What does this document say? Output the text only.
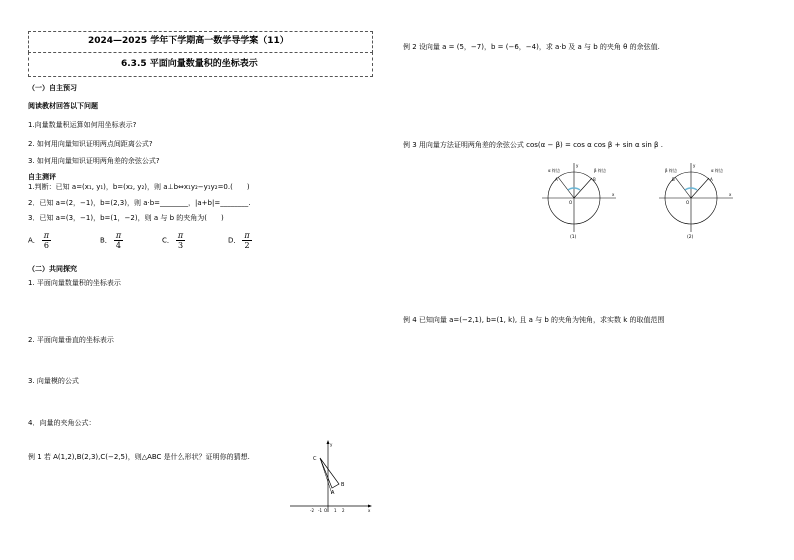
2024—2025 学年下学期高一数学导学案（11）
6.3.5 平面向量数量积的坐标表示
（一）自主预习
阅读教材回答以下问题
1.向量数量积运算如何用坐标表示?
2. 如何用向量知识证明两点间距离公式?
3. 如何用向量知识证明两角差的余弦公式?
自主测评
1.判断：已知 a=(x₁, y₁)，b=(x₂, y₂)，则 a⊥b⇔x₁y₂−y₁y₂=0.(　　)
2．已知 a=(2，−1)，b=(2,3)，则 a·b=________，|a+b|=________.
3．已知 a=(3，−1)，b=(1，−2)，则 a 与 b 的夹角为(　　)
A． $\frac{\pi}{6}$	B． $\frac{\pi}{4}$	C． $\frac{\pi}{3}$	D． $\frac{\pi}{2}$
（二）共同探究
1. 平面向量数量积的坐标表示
2. 平面向量垂直的坐标表示
3. 向量模的公式
4．向量的夹角公式：
例 1 若 A(1,2),B(2,3),C(−2,5)，则△ABC 是什么形状？证明你的猜想.
y
x
C
B
A
-2 -1 O 1 2
例 2 设向量 a = (5，−7)，b = (−6，−4)，求 a·b 及 a 与 b 的夹角 θ 的余弦值.
例 3 用向量方法证明两角差的余弦公式 cos(α − β) = cos α cos β + sin α sin β .
α 终边	β 终边
A	B
O
y
x
(1)
β 终边	α 终边
B	A
O
y
x
(2)
例 4 已知向量 a=(−2,1), b=(1, k), 且 a 与 b 的夹角为钝角，求实数 k 的取值范围
